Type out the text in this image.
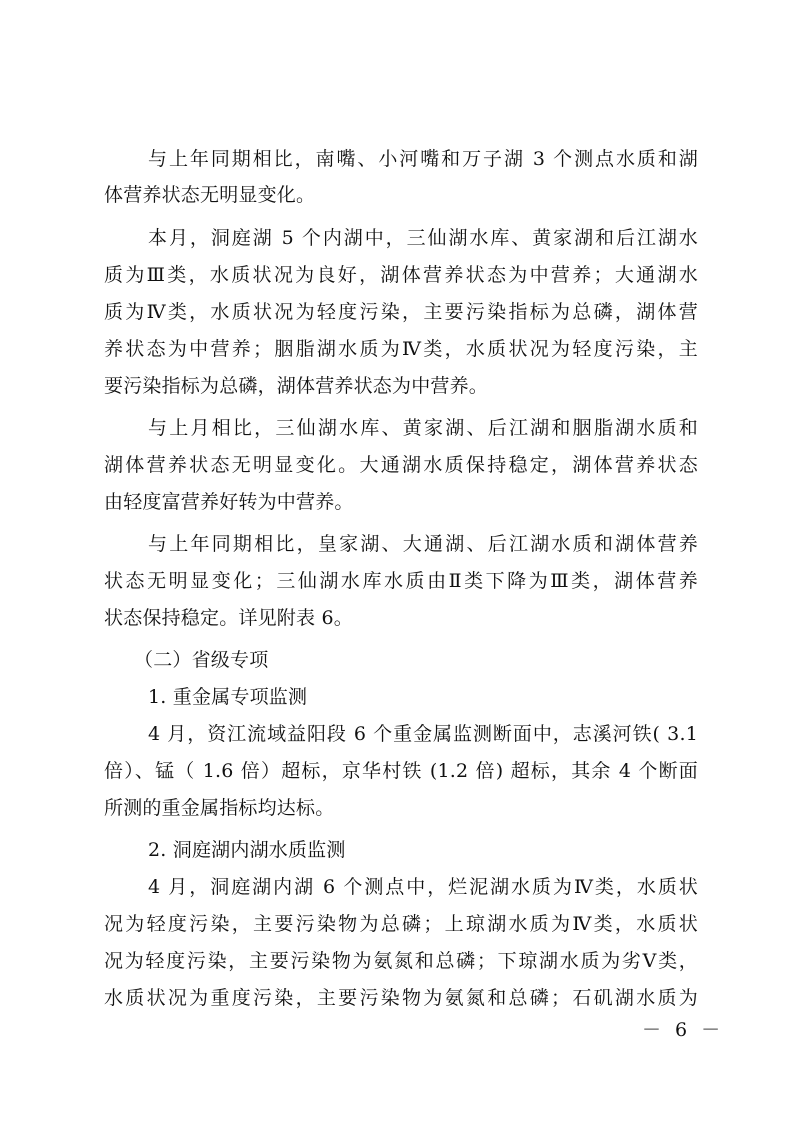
与上年同期相比，南嘴、小河嘴和万子湖 3 个测点水质和湖
体营养状态无明显变化。
本月，洞庭湖 5 个内湖中，三仙湖水库、黄家湖和后江湖水
质为Ⅲ类，水质状况为良好，湖体营养状态为中营养；大通湖水
质为Ⅳ类，水质状况为轻度污染，主要污染指标为总磷，湖体营
养状态为中营养；胭脂湖水质为Ⅳ类，水质状况为轻度污染，主
要污染指标为总磷，湖体营养状态为中营养。
与上月相比，三仙湖水库、黄家湖、后江湖和胭脂湖水质和
湖体营养状态无明显变化。大通湖水质保持稳定，湖体营养状态
由轻度富营养好转为中营养。
与上年同期相比，皇家湖、大通湖、后江湖水质和湖体营养
状态无明显变化；三仙湖水库水质由Ⅱ类下降为Ⅲ类，湖体营养
状态保持稳定。详见附表 6。
（二）省级专项
1. 重金属专项监测
4 月，资江流域益阳段 6 个重金属监测断面中，志溪河铁( 3.1
倍）、锰（ 1.6 倍）超标，京华村铁 (1.2 倍) 超标，其余 4 个断面
所测的重金属指标均达标。
2. 洞庭湖内湖水质监测
4 月，洞庭湖内湖 6 个测点中，烂泥湖水质为Ⅳ类，水质状
况为轻度污染，主要污染物为总磷；上琼湖水质为Ⅳ类，水质状
况为轻度污染，主要污染物为氨氮和总磷；下琼湖水质为劣Ⅴ类，
水质状况为重度污染，主要污染物为氨氮和总磷；石矶湖水质为
－ 6 －
